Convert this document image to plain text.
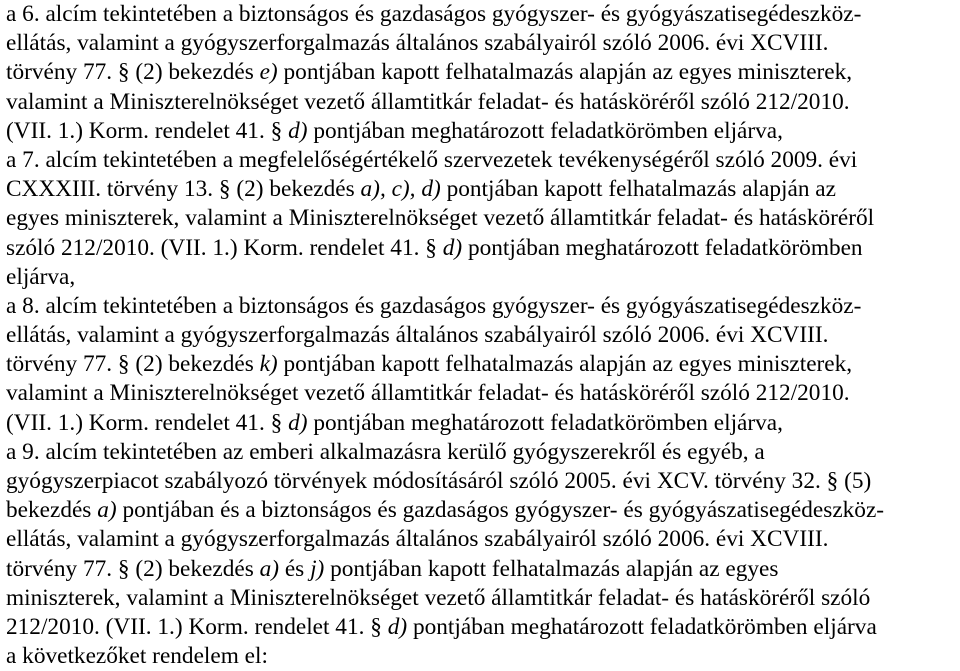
a 6. alcím tekintetében a biztonságos és gazdaságos gyógyszer- és gyógyászatisegédeszköz-
ellátás, valamint a gyógyszerforgalmazás általános szabályairól szóló 2006. évi XCVIII.
törvény 77. § (2) bekezdés e) pontjában kapott felhatalmazás alapján az egyes miniszterek,
valamint a Miniszterelnökséget vezető államtitkár feladat- és hatásköréről szóló 212/2010.
(VII. 1.) Korm. rendelet 41. § d) pontjában meghatározott feladatkörömben eljárva,
a 7. alcím tekintetében a megfelelőségértékelő szervezetek tevékenységéről szóló 2009. évi
CXXXIII. törvény 13. § (2) bekezdés a), c), d) pontjában kapott felhatalmazás alapján az
egyes miniszterek, valamint a Miniszterelnökséget vezető államtitkár feladat- és hatásköréről
szóló 212/2010. (VII. 1.) Korm. rendelet 41. § d) pontjában meghatározott feladatkörömben
eljárva,
a 8. alcím tekintetében a biztonságos és gazdaságos gyógyszer- és gyógyászatisegédeszköz-
ellátás, valamint a gyógyszerforgalmazás általános szabályairól szóló 2006. évi XCVIII.
törvény 77. § (2) bekezdés k) pontjában kapott felhatalmazás alapján az egyes miniszterek,
valamint a Miniszterelnökséget vezető államtitkár feladat- és hatásköréről szóló 212/2010.
(VII. 1.) Korm. rendelet 41. § d) pontjában meghatározott feladatkörömben eljárva,
a 9. alcím tekintetében az emberi alkalmazásra kerülő gyógyszerekről és egyéb, a
gyógyszerpiacot szabályozó törvények módosításáról szóló 2005. évi XCV. törvény 32. § (5)
bekezdés a) pontjában és a biztonságos és gazdaságos gyógyszer- és gyógyászatisegédeszköz-
ellátás, valamint a gyógyszerforgalmazás általános szabályairól szóló 2006. évi XCVIII.
törvény 77. § (2) bekezdés a) és j) pontjában kapott felhatalmazás alapján az egyes
miniszterek, valamint a Miniszterelnökséget vezető államtitkár feladat- és hatásköréről szóló
212/2010. (VII. 1.) Korm. rendelet 41. § d) pontjában meghatározott feladatkörömben eljárva
a következőket rendelem el:
